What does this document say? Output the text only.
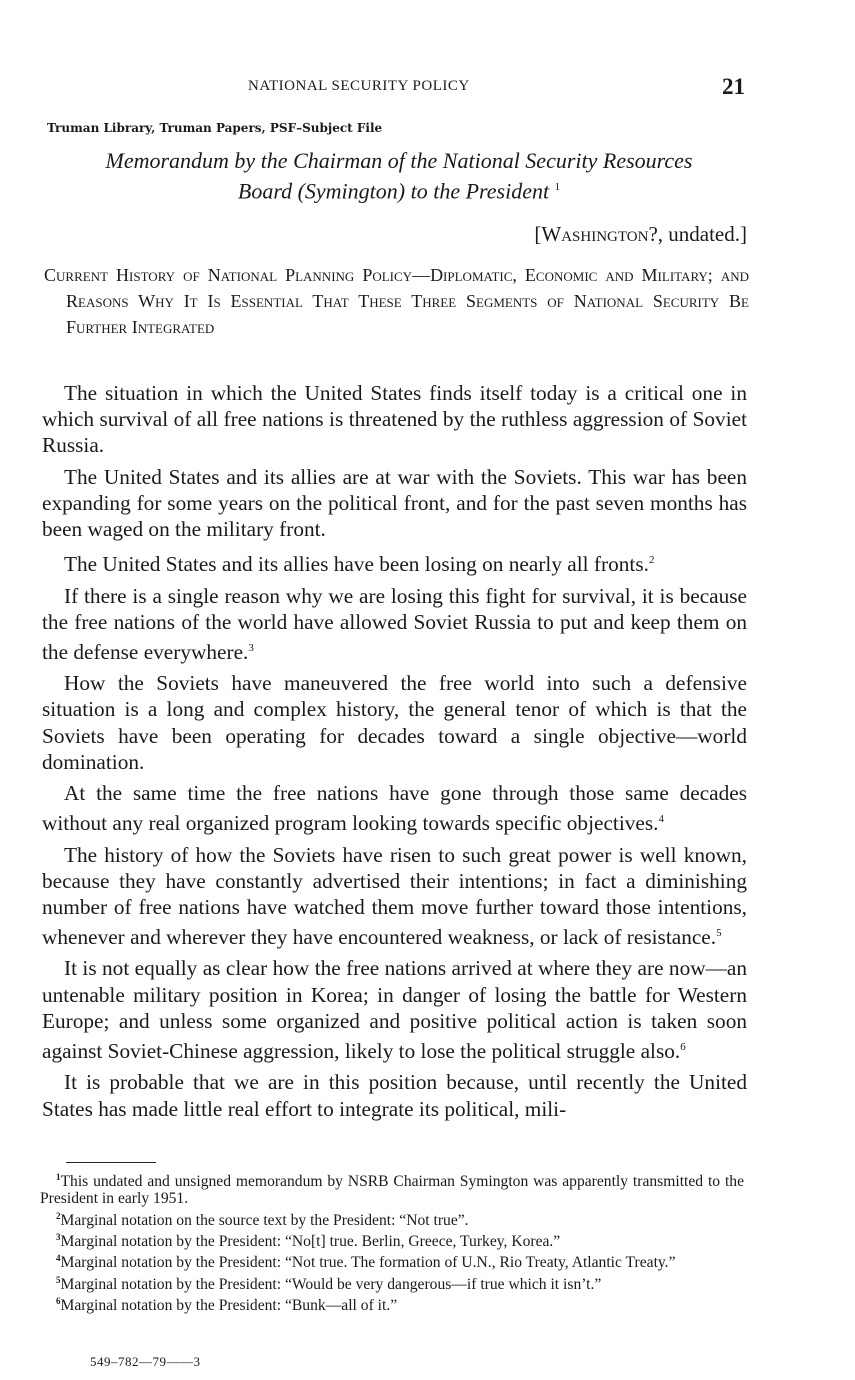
NATIONAL SECURITY POLICY	21
Truman Library, Truman Papers, PSF–Subject File
Memorandum by the Chairman of the National Security Resources
Board (Symington) to the President $^1$
[Washington?, undated.]
Current History of National Planning Policy—Diplomatic, Economic and Military; and Reasons Why It Is Essential That These Three Segments of National Security Be Further Integrated

The situation in which the United States finds itself today is a critical one in which survival of all free nations is threatened by the ruthless aggression of Soviet Russia.

The United States and its allies are at war with the Soviets. This war has been expanding for some years on the political front, and for the past seven months has been waged on the military front.

The United States and its allies have been losing on nearly all fronts.$^2$

If there is a single reason why we are losing this fight for survival, it is because the free nations of the world have allowed Soviet Russia to put and keep them on the defense everywhere.$^3$

How the Soviets have maneuvered the free world into such a defensive situation is a long and complex history, the general tenor of which is that the Soviets have been operating for decades toward a single objective—world domination.

At the same time the free nations have gone through those same decades without any real organized program looking towards specific objectives.$^4$

The history of how the Soviets have risen to such great power is well known, because they have constantly advertised their intentions; in fact a diminishing number of free nations have watched them move further toward those intentions, whenever and wherever they have encountered weakness, or lack of resistance.$^5$

It is not equally as clear how the free nations arrived at where they are now—an untenable military position in Korea; in danger of losing the battle for Western Europe; and unless some organized and positive political action is taken soon against Soviet-Chinese aggression, likely to lose the political struggle also.$^6$

It is probable that we are in this position because, until recently the United States has made little real effort to integrate its political, mili-

$^1$This undated and unsigned memorandum by NSRB Chairman Symington was apparently transmitted to the President in early 1951.

$^2$Marginal notation on the source text by the President: “Not true”.

$^3$Marginal notation by the President: “No[t] true. Berlin, Greece, Turkey, Korea.”

$^4$Marginal notation by the President: “Not true. The formation of U.N., Rio Treaty, Atlantic Treaty.”

$^5$Marginal notation by the President: “Would be very dangerous—if true which it isn’t.”

$^6$Marginal notation by the President: “Bunk—all of it.”

549–782—79——3
